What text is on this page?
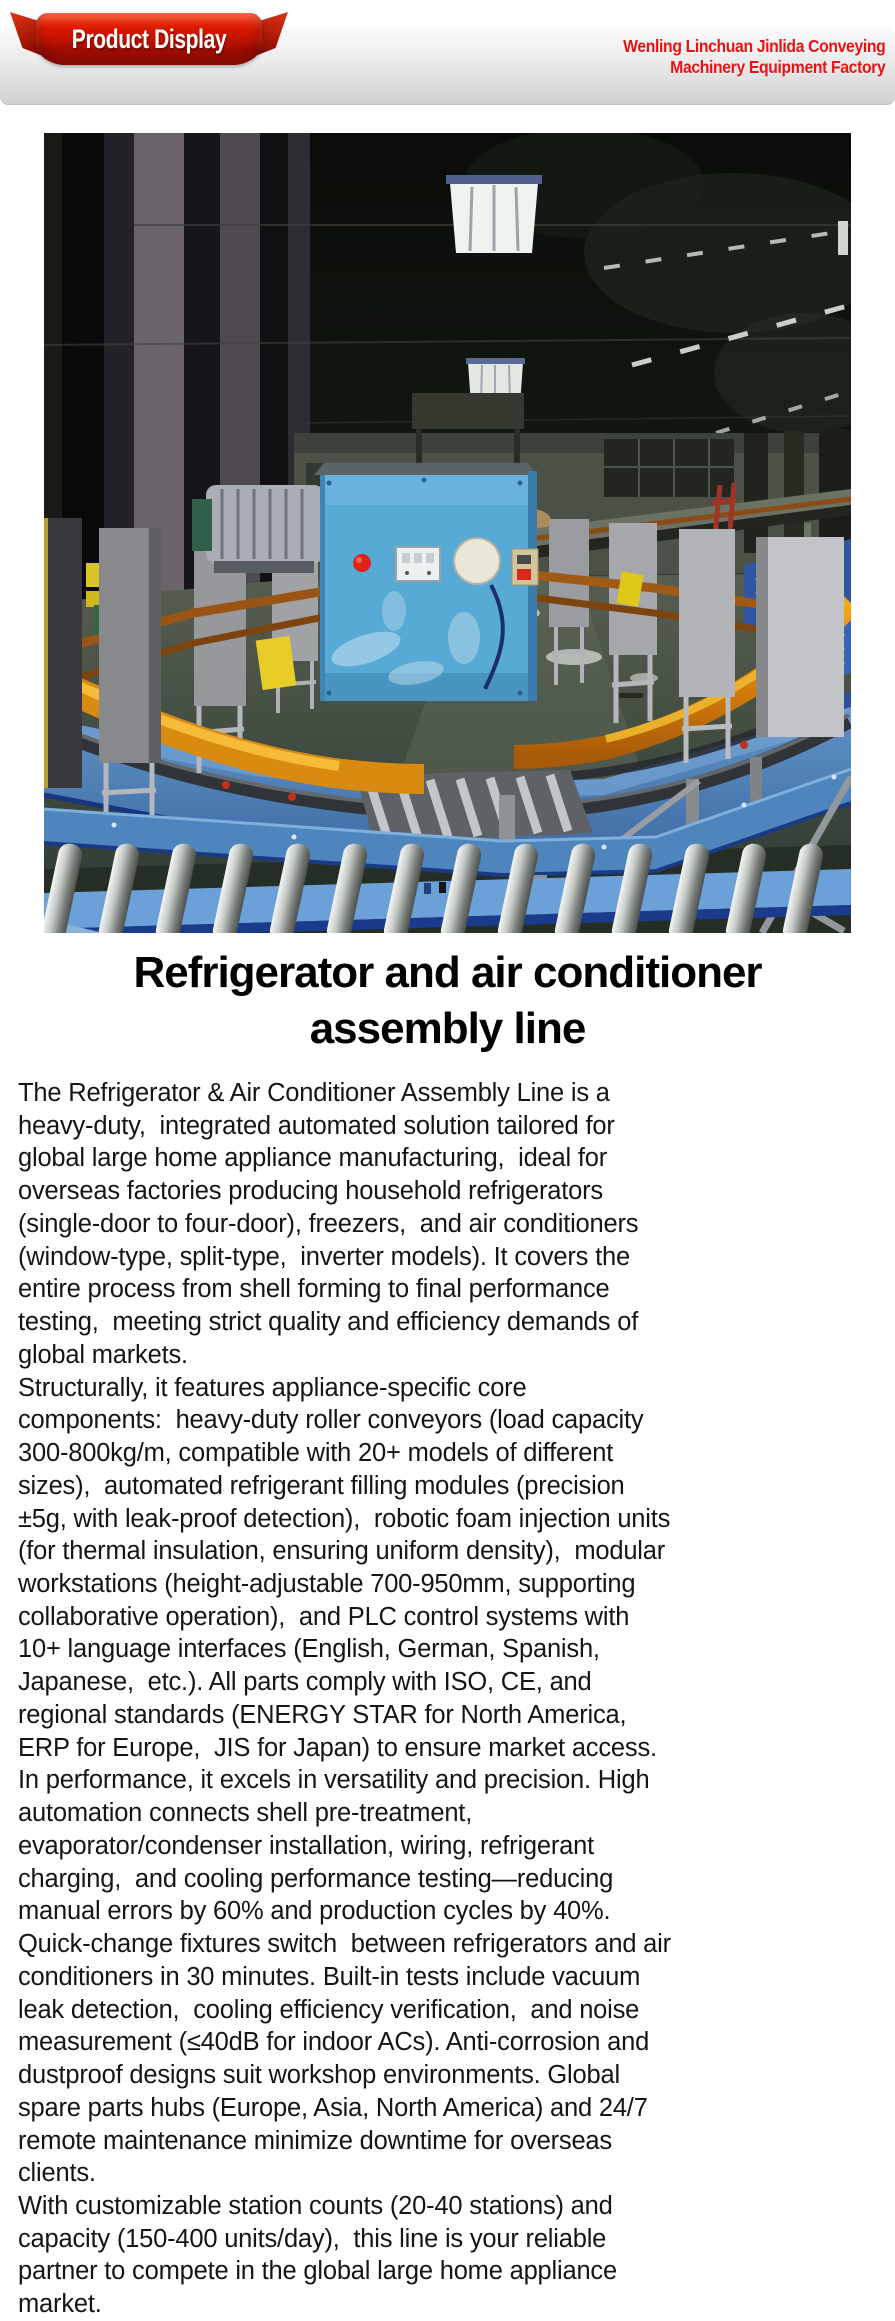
Product Display	Wenling Linchuan Jinlida Conveying
Machinery Equipment Factory
Refrigerator and air conditioner
assembly line
The Refrigerator & Air Conditioner Assembly Line is a
heavy-duty,  integrated automated solution tailored for
global large home appliance manufacturing,  ideal for
overseas factories producing household refrigerators
(single-door to four-door), freezers,  and air conditioners
(window-type, split-type,  inverter models). It covers the
entire process from shell forming to final performance
testing,  meeting strict quality and efficiency demands of
global markets.
Structurally, it features appliance-specific core
components:  heavy-duty roller conveyors (load capacity
300-800kg/m, compatible with 20+ models of different
sizes),  automated refrigerant filling modules (precision
±5g, with leak-proof detection),  robotic foam injection units
(for thermal insulation, ensuring uniform density),  modular
workstations (height-adjustable 700-950mm, supporting
collaborative operation),  and PLC control systems with
10+ language interfaces (English, German, Spanish,
Japanese,  etc.). All parts comply with ISO, CE, and
regional standards (ENERGY STAR for North America,
ERP for Europe,  JIS for Japan) to ensure market access.
In performance, it excels in versatility and precision. High
automation connects shell pre-treatment,
evaporator/condenser installation, wiring, refrigerant
charging,  and cooling performance testing—reducing
manual errors by 60% and production cycles by 40%.
Quick-change fixtures switch  between refrigerators and air
conditioners in 30 minutes. Built-in tests include vacuum
leak detection,  cooling efficiency verification,  and noise
measurement (≤40dB for indoor ACs). Anti-corrosion and
dustproof designs suit workshop environments. Global
spare parts hubs (Europe, Asia, North America) and 24/7
remote maintenance minimize downtime for overseas
clients.
With customizable station counts (20-40 stations) and
capacity (150-400 units/day),  this line is your reliable
partner to compete in the global large home appliance
market.
